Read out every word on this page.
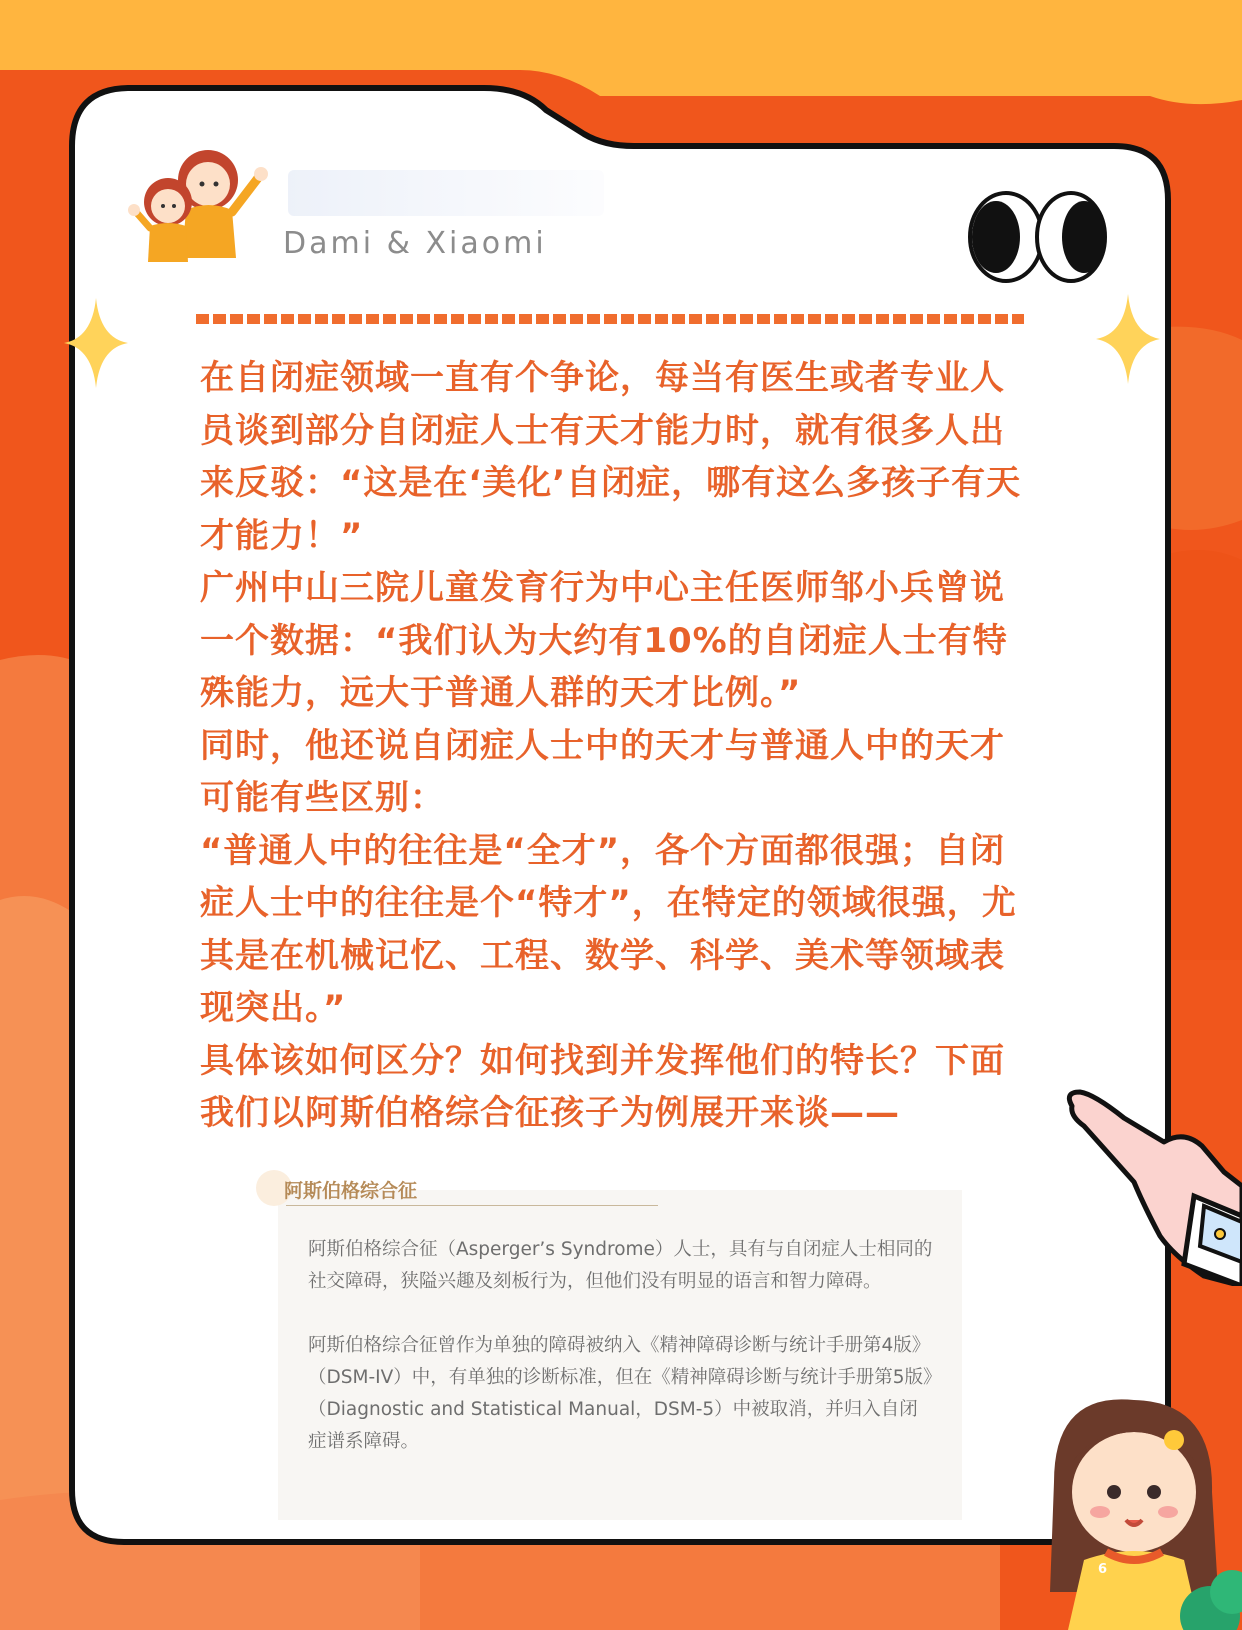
Dami & Xiaomi

在自闭症领域一直有个争论，每当有医生或者专业人员谈到部分自闭症人士有天才能力时，就有很多人出来反驳：“这是在‘美化’自闭症，哪有这么多孩子有天才能力！”

广州中山三院儿童发育行为中心主任医师邹小兵曾说一个数据：“我们认为大约有10%的自闭症人士有特殊能力，远大于普通人群的天才比例。”

同时，他还说自闭症人士中的天才与普通人中的天才可能有些区别：

“普通人中的往往是“全才”，各个方面都很强；自闭症人士中的往往是个“特才”，在特定的领域很强，尤其是在机械记忆、工程、数学、科学、美术等领域表现突出。”

具体该如何区分？如何找到并发挥他们的特长？下面我们以阿斯伯格综合征孩子为例展开来谈——

阿斯伯格综合征

阿斯伯格综合征（Asperger’s Syndrome）人士，具有与自闭症人士相同的社交障碍，狭隘兴趣及刻板行为，但他们没有明显的语言和智力障碍。

阿斯伯格综合征曾作为单独的障碍被纳入《精神障碍诊断与统计手册第4版》（DSM-IV）中，有单独的诊断标准，但在《精神障碍诊断与统计手册第5版》（Diagnostic and Statistical Manual，DSM-5）中被取消，并归入自闭症谱系障碍。

6
